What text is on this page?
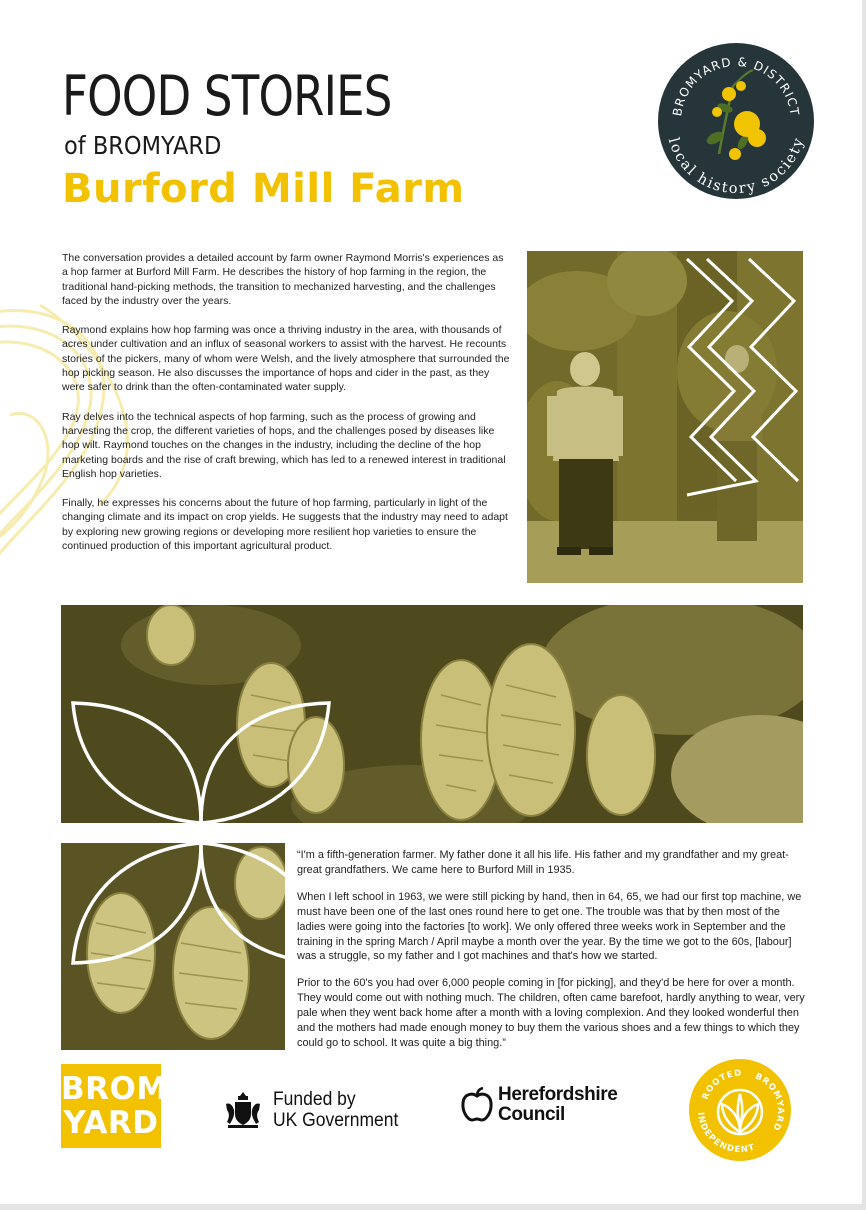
FOOD STORIES
of BROMYARD
Burford Mill Farm
BROMYARD & DISTRICT
local history society

The conversation provides a detailed account by farm owner Raymond Morris's experiences as a hop farmer at Burford Mill Farm. He describes the history of hop farming in the region, the traditional hand-picking methods, the transition to mechanized harvesting, and the challenges faced by the industry over the years.

Raymond explains how hop farming was once a thriving industry in the area, with thousands of acres under cultivation and an influx of seasonal workers to assist with the harvest. He recounts stories of the pickers, many of whom were Welsh, and the lively atmosphere that surrounded the hop picking season. He also discusses the importance of hops and cider in the past, as they were safer to drink than the often-contaminated water supply.

Ray delves into the technical aspects of hop farming, such as the process of growing and harvesting the crop, the different varieties of hops, and the challenges posed by diseases like hop wilt. Raymond touches on the changes in the industry, including the decline of the hop marketing boards and the rise of craft brewing, which has led to a renewed interest in traditional English hop varieties.

Finally, he expresses his concerns about the future of hop farming, particularly in light of the changing climate and its impact on crop yields. He suggests that the industry may need to adapt by exploring new growing regions or developing more resilient hop varieties to ensure the continued production of this important agricultural product.

“I'm a fifth-generation farmer. My father done it all his life. His father and my grandfather and my great-great grandfathers. We came here to Burford Mill in 1935.

When I left school in 1963, we were still picking by hand, then in 64, 65, we had our first top machine, we must have been one of the last ones round here to get one. The trouble was that by then most of the ladies were going into the factories [to work]. We only offered three weeks work in September and the training in the spring March / April maybe a month over the year. By the time we got to the 60s, [labour] was a struggle, so my father and I got machines and that's how we started.

Prior to the 60's you had over 6,000 people coming in [for picking], and they'd be here for over a month. They would come out with nothing much. The children, often came barefoot, hardly anything to wear, very pale when they went back home after a month with a loving complexion. And they looked wonderful then and the mothers had made enough money to buy them the various shoes and a few things to which they could go to school. It was quite a big thing.”

BROM
YARD
Funded by
UK Government
Herefordshire
Council
ROOTED BROMYARD
INDEPENDENT
